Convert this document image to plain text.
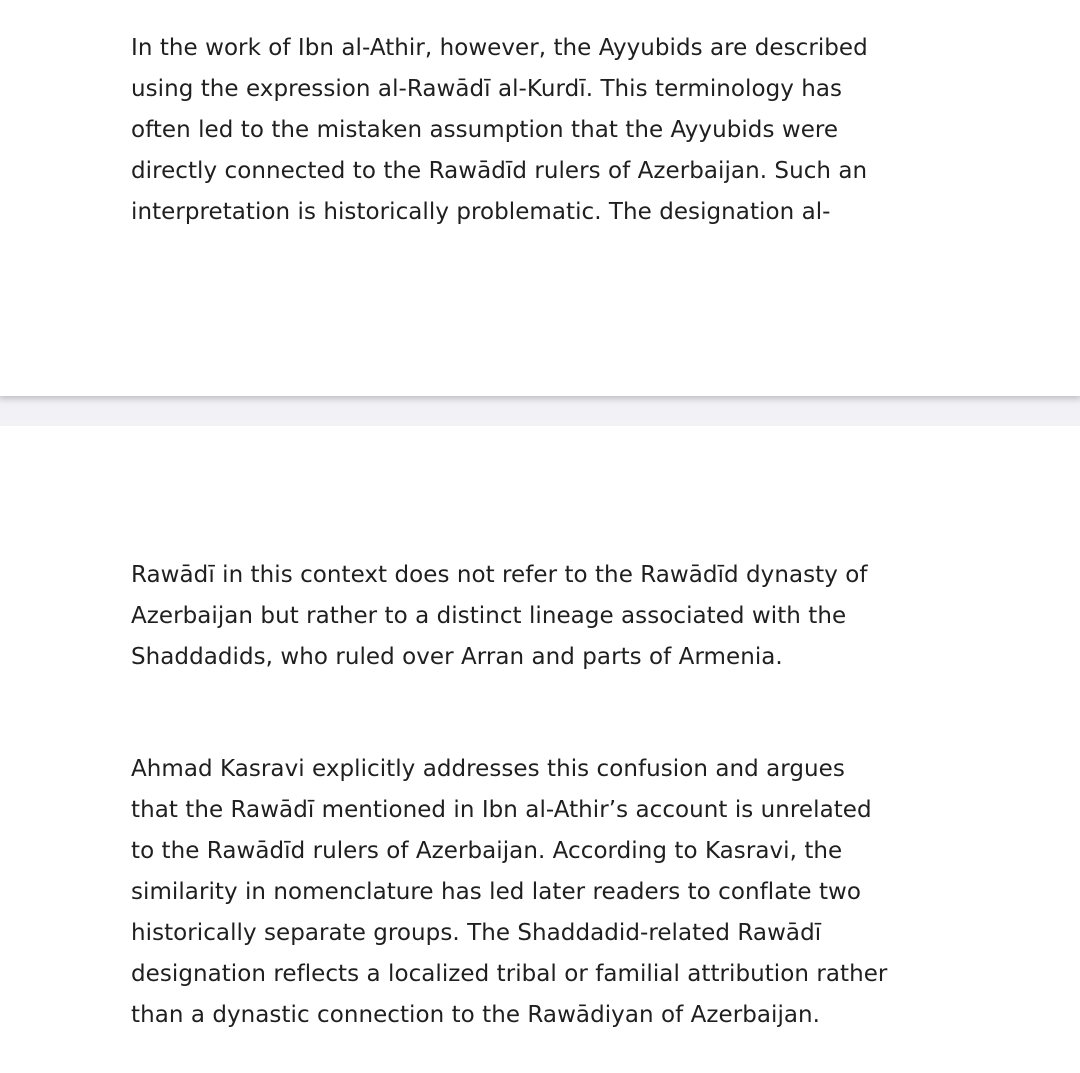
In the work of Ibn al-Athir, however, the Ayyubids are described
using the expression al-Rawādī al-Kurdī. This terminology has
often led to the mistaken assumption that the Ayyubids were
directly connected to the Rawādīd rulers of Azerbaijan. Such an
interpretation is historically problematic. The designation al-

Rawādī in this context does not refer to the Rawādīd dynasty of
Azerbaijan but rather to a distinct lineage associated with the
Shaddadids, who ruled over Arran and parts of Armenia.

Ahmad Kasravi explicitly addresses this confusion and argues
that the Rawādī mentioned in Ibn al-Athir’s account is unrelated
to the Rawādīd rulers of Azerbaijan. According to Kasravi, the
similarity in nomenclature has led later readers to conflate two
historically separate groups. The Shaddadid-related Rawādī
designation reflects a localized tribal or familial attribution rather
than a dynastic connection to the Rawādiyan of Azerbaijan.
